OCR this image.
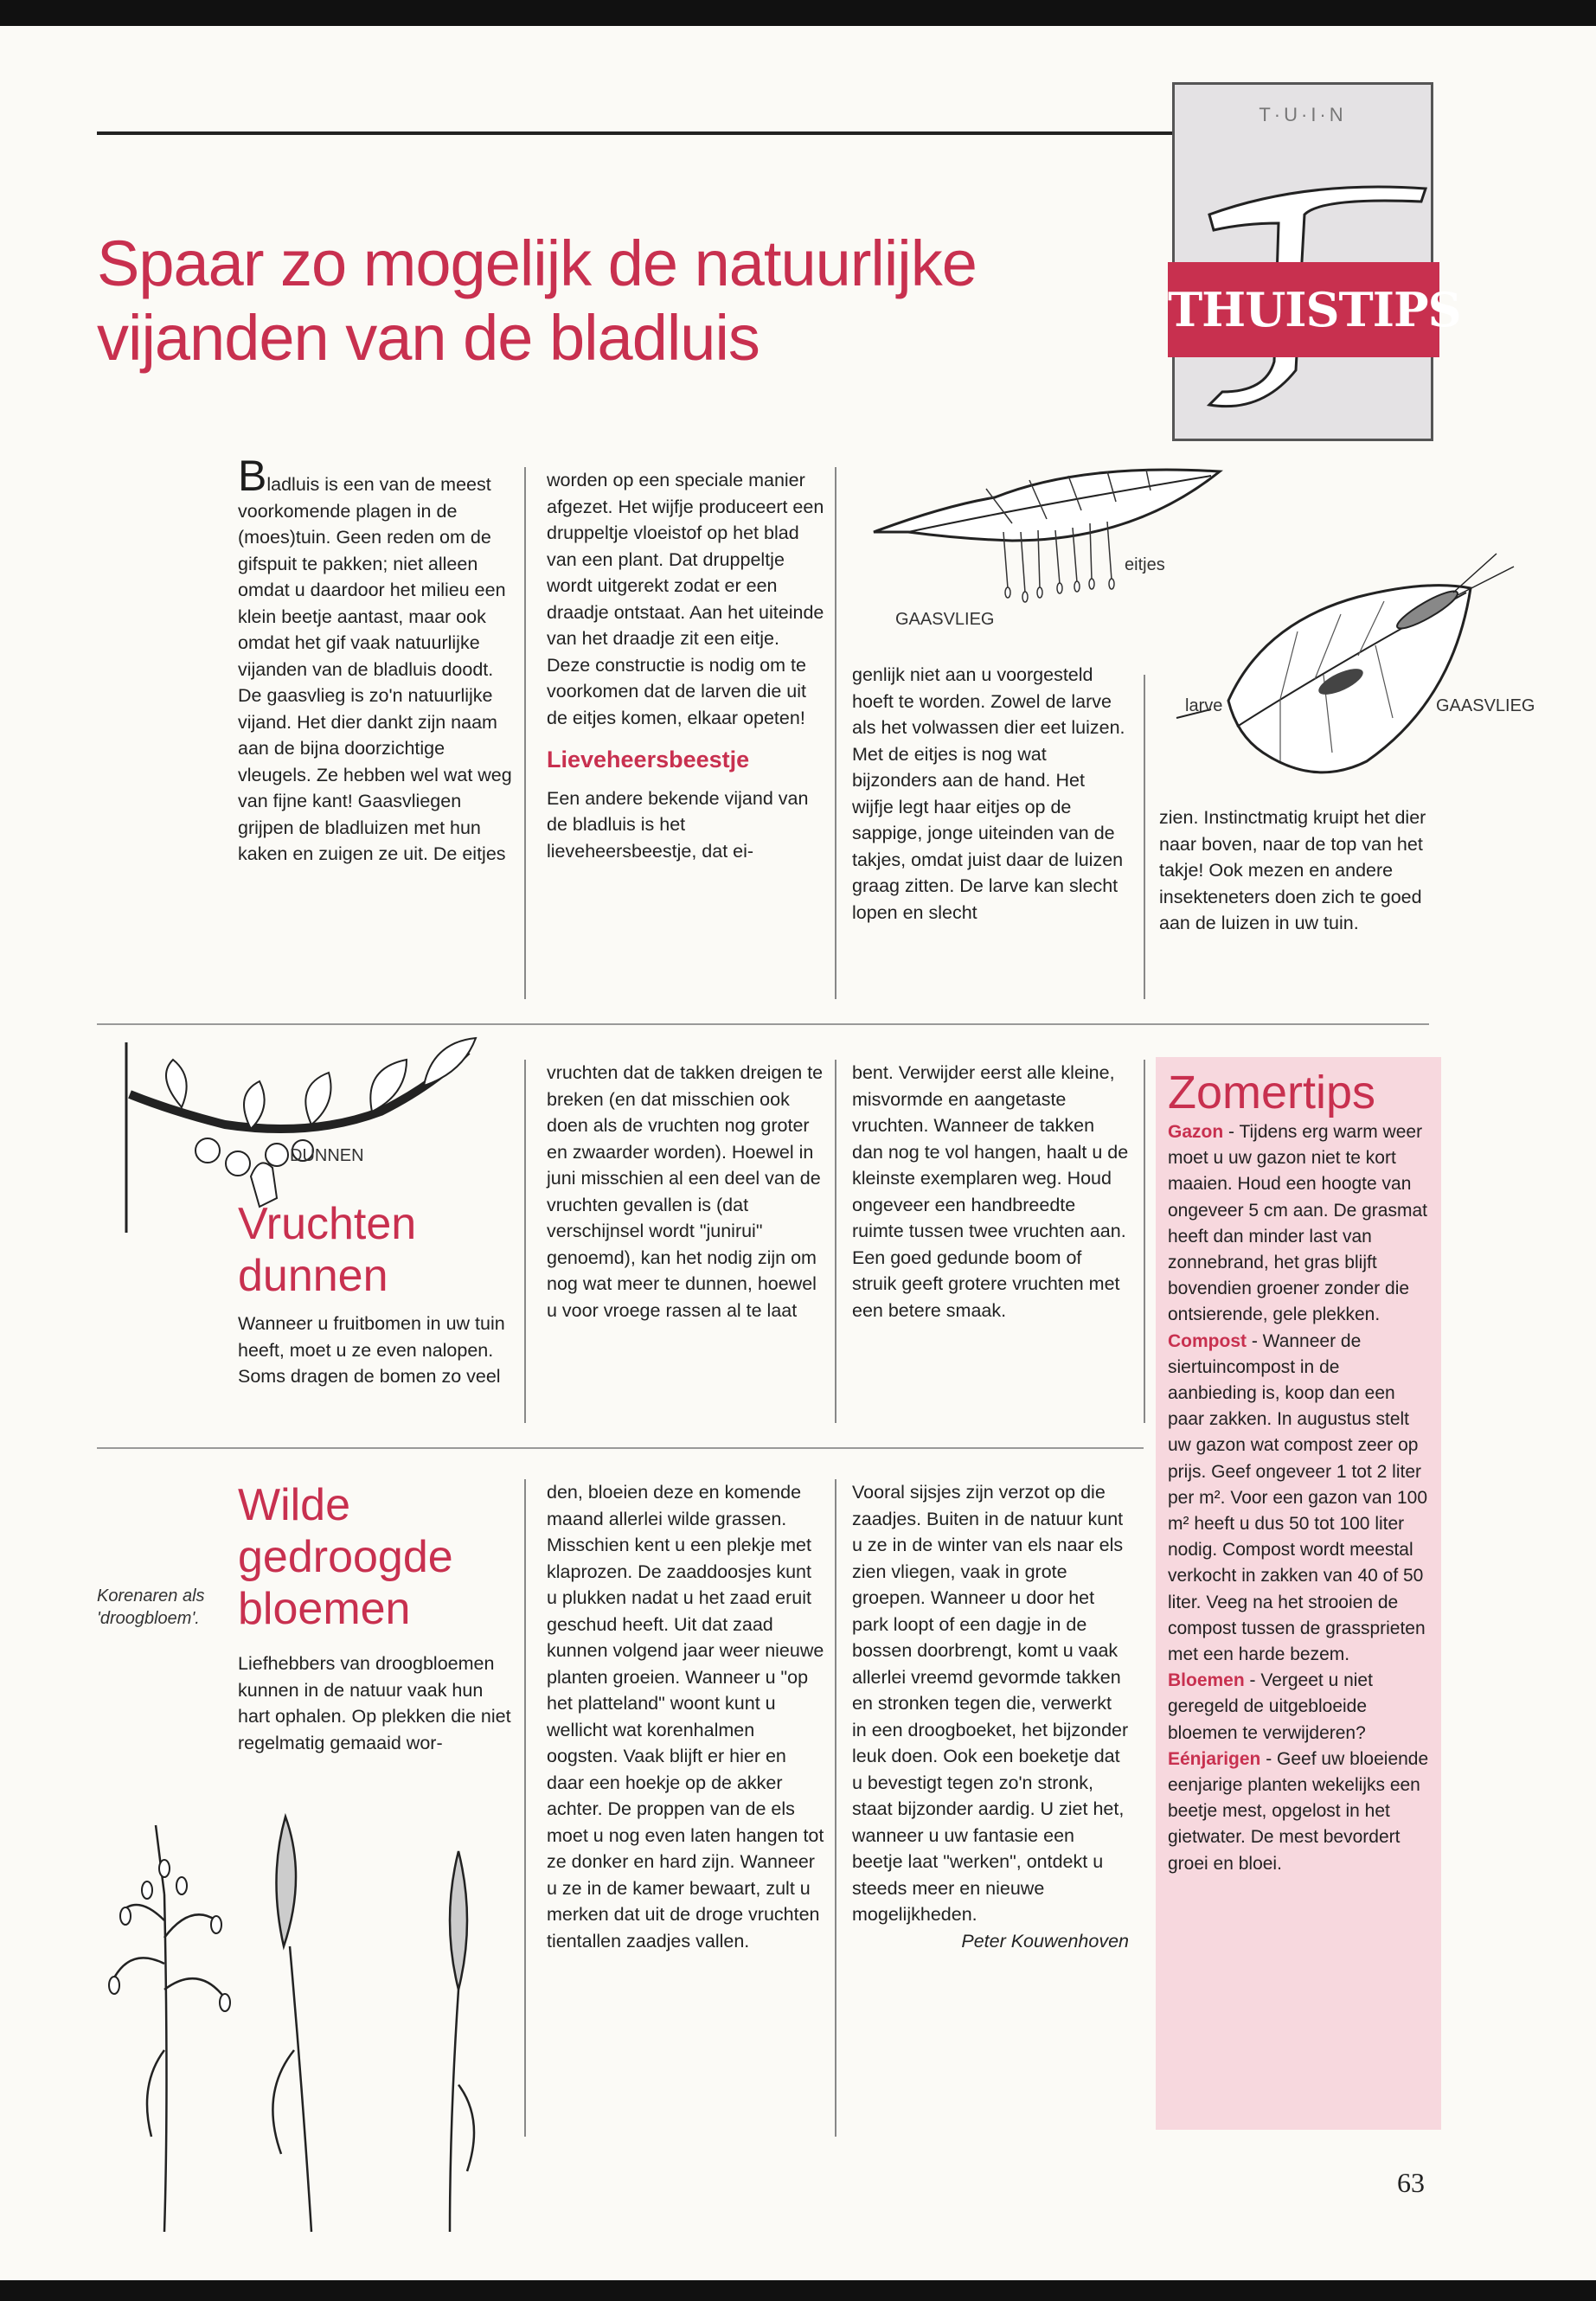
T·U·I·N
THUISTIPS
Spaar zo mogelijk de natuurlijke
vijanden van de bladluis

Bladluis is een van de meest voorkomende plagen in de (moes)tuin. Geen reden om de gifspuit te pakken; niet alleen omdat u daardoor het milieu een klein beetje aantast, maar ook omdat het gif vaak natuurlijke vijanden van de bladluis doodt. De gaasvlieg is zo'n natuurlijke vijand. Het dier dankt zijn naam aan de bijna doorzichtige vleugels. Ze hebben wel wat weg van fijne kant! Gaasvliegen grijpen de bladluizen met hun kaken en zuigen ze uit. De eitjes

worden op een speciale manier afgezet. Het wijfje produceert een druppeltje vloeistof op het blad van een plant. Dat druppeltje wordt uitgerekt zodat er een draadje ontstaat. Aan het uiteinde van het draadje zit een eitje. Deze constructie is nodig om te voorkomen dat de larven die uit de eitjes komen, elkaar opeten!

Lieveheersbeestje

Een andere bekende vijand van de bladluis is het lieveheersbeestje, dat ei-

eitjes
GAASVLIEG

genlijk niet aan u voorgesteld hoeft te worden. Zowel de larve als het volwassen dier eet luizen. Met de eitjes is nog wat bijzonders aan de hand. Het wijfje legt haar eitjes op de sappige, jonge uiteinden van de takjes, omdat juist daar de luizen graag zitten. De larve kan slecht lopen en slecht

larve	GAASVLIEG

zien. Instinctmatig kruipt het dier naar boven, naar de top van het takje! Ook mezen en andere insekteneters doen zich te goed aan de luizen in uw tuin.

DUNNEN
Vruchten dunnen

Wanneer u fruitbomen in uw tuin heeft, moet u ze even nalopen. Soms dragen de bomen zo veel

vruchten dat de takken dreigen te breken (en dat misschien ook doen als de vruchten nog groter en zwaarder worden). Hoewel in juni misschien al een deel van de vruchten gevallen is (dat verschijnsel wordt "junirui" genoemd), kan het nodig zijn om nog wat meer te dunnen, hoewel u voor vroege rassen al te laat

bent. Verwijder eerst alle kleine, misvormde en aangetaste vruchten. Wanneer de takken dan nog te vol hangen, haalt u de kleinste exemplaren weg. Houd ongeveer een handbreedte ruimte tussen twee vruchten aan. Een goed gedunde boom of struik geeft grotere vruchten met een betere smaak.

Wilde gedroogde bloemen
Korenaren als 'droogbloem'.

Liefhebbers van droogbloemen kunnen in de natuur vaak hun hart ophalen. Op plekken die niet regelmatig gemaaid wor-

den, bloeien deze en komende maand allerlei wilde grassen. Misschien kent u een plekje met klaprozen. De zaaddoosjes kunt u plukken nadat u het zaad eruit geschud heeft. Uit dat zaad kunnen volgend jaar weer nieuwe planten groeien. Wanneer u "op het platteland" woont kunt u wellicht wat korenhalmen oogsten. Vaak blijft er hier en daar een hoekje op de akker achter. De proppen van de els moet u nog even laten hangen tot ze donker en hard zijn. Wanneer u ze in de kamer bewaart, zult u merken dat uit de droge vruchten tientallen zaadjes vallen.

Vooral sijsjes zijn verzot op die zaadjes. Buiten in de natuur kunt u ze in de winter van els naar els zien vliegen, vaak in grote groepen. Wanneer u door het park loopt of een dagje in de bossen doorbrengt, komt u vaak allerlei vreemd gevormde takken en stronken tegen die, verwerkt in een droogboeket, het bijzonder leuk doen. Ook een boeketje dat u bevestigt tegen zo'n stronk, staat bijzonder aardig. U ziet het, wanneer u uw fantasie een beetje laat "werken", ontdekt u steeds meer en nieuwe mogelijkheden.

Peter Kouwenhoven

Zomertips
Gazon - Tijdens erg warm weer moet u uw gazon niet te kort maaien. Houd een hoogte van ongeveer 5 cm aan. De grasmat heeft dan minder last van zonnebrand, het gras blijft bovendien groener zonder die ontsierende, gele plekken.
Compost - Wanneer de siertuincompost in de aanbieding is, koop dan een paar zakken. In augustus stelt uw gazon wat compost zeer op prijs. Geef ongeveer 1 tot 2 liter per m². Voor een gazon van 100 m² heeft u dus 50 tot 100 liter nodig. Compost wordt meestal verkocht in zakken van 40 of 50 liter. Veeg na het strooien de compost tussen de grassprieten met een harde bezem.
Bloemen - Vergeet u niet geregeld de uitgebloeide bloemen te verwijderen?
Eénjarigen - Geef uw bloeiende eenjarige planten wekelijks een beetje mest, opgelost in het gietwater. De mest bevordert groei en bloei.
63
